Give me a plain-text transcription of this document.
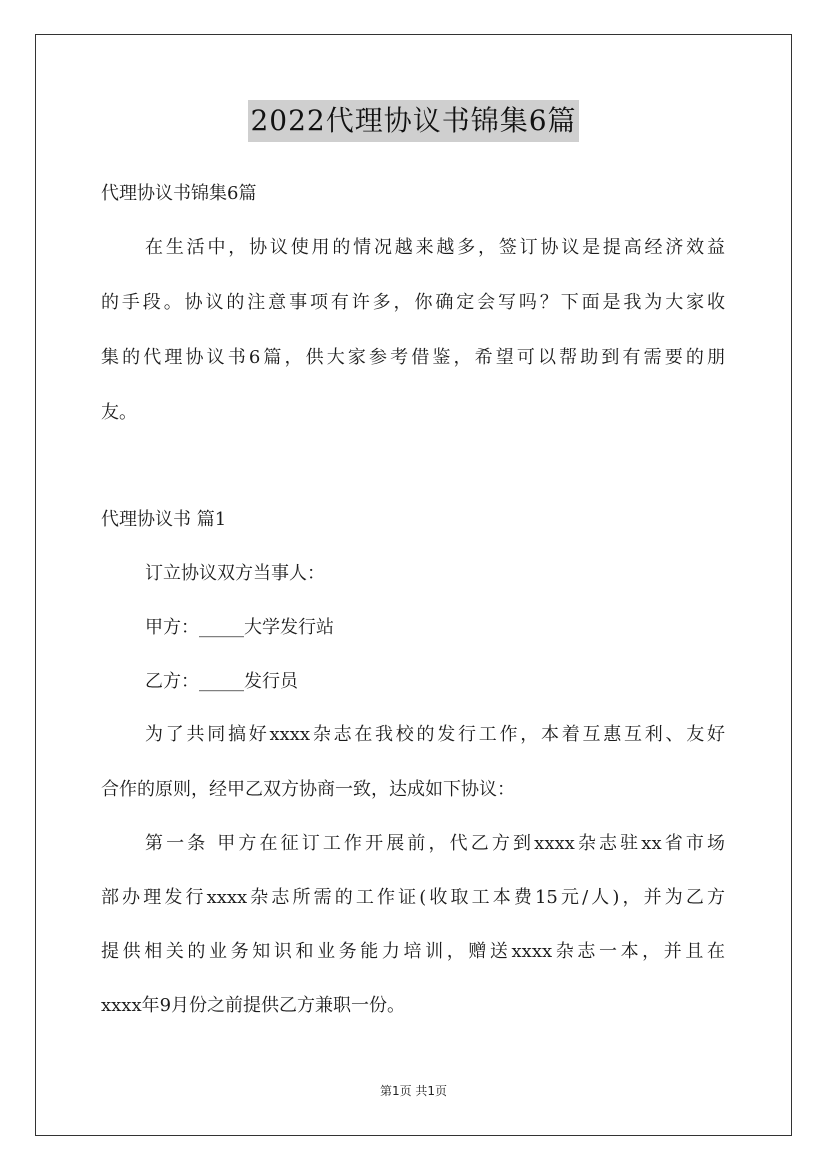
2022代理协议书锦集6篇
代理协议书锦集6篇
在生活中，协议使用的情况越来越多，签订协议是提高经济效益
的手段。协议的注意事项有许多，你确定会写吗？下面是我为大家收
集的代理协议书6篇，供大家参考借鉴，希望可以帮助到有需要的朋
友。
代理协议书 篇1
订立协议双方当事人：
甲方：_____大学发行站
乙方：_____发行员
为了共同搞好xxxx杂志在我校的发行工作，本着互惠互利、友好
合作的原则，经甲乙双方协商一致，达成如下协议：
第一条 甲方在征订工作开展前，代乙方到xxxx杂志驻xx省市场
部办理发行xxxx杂志所需的工作证(收取工本费15元/人)，并为乙方
提供相关的业务知识和业务能力培训，赠送xxxx杂志一本，并且在
xxxx年9月份之前提供乙方兼职一份。
第1页 共1页
